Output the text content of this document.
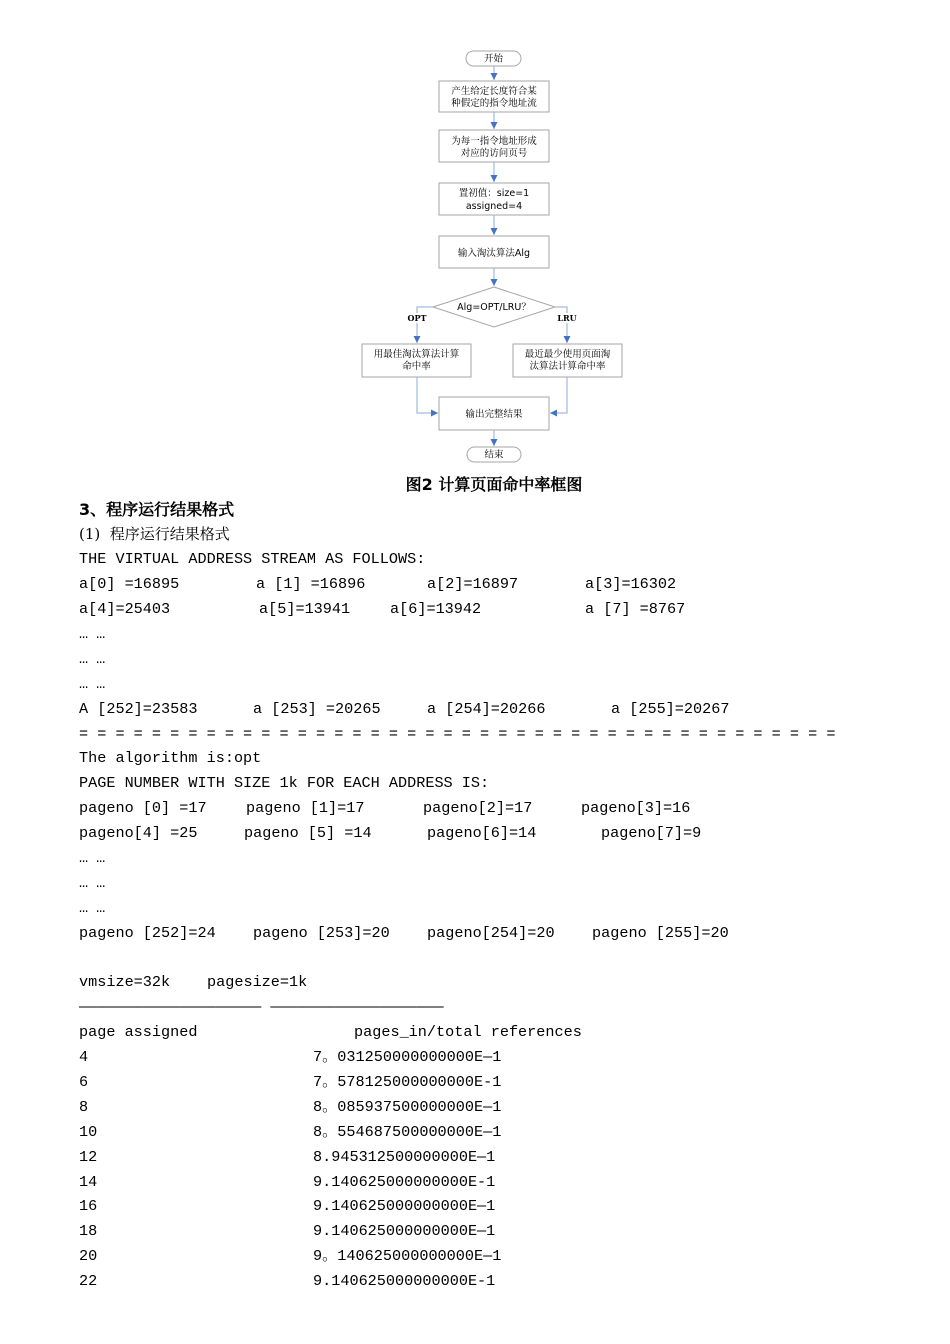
开始
产生给定长度符合某
种假定的指令地址流
为每一指令地址形成
对应的访问页号
置初值：size=1
assigned=4
输入淘汰算法Alg
Alg=OPT/LRU？
OPT	LRU
用最佳淘汰算法计算
命中率
最近最少使用页面淘
汰算法计算命中率
输出完整结果
结束
图2 计算页面命中率框图
3、程序运行结果格式
(1)  程序运行结果格式
THE VIRTUAL ADDRESS STREAM AS FOLLOWS:

a[0] =16895

	a [1] =16896

	a[2]=16897

	a[3]=16302

a[4]=25403

	a[5]=13941

	a[6]=13942

	a [7] =8767

……
……
……

A [252]=23583

	a [253] =20265

	a [254]=20266

	a [255]=20267

= = = = = = = = = = = = = = = = = = = = = = = = = = = = = = = = = = = = = = = = = =
The algorithm is:opt
PAGE NUMBER WITH SIZE 1k FOR EACH ADDRESS IS:

pageno [0] =17

	pageno [1]=17

	pageno[2]=17

	pageno[3]=16

pageno[4] =25

	pageno [5] =14

	pageno[6]=14

	pageno[7]=9

……
……
……

pageno [252]=24

pageno [253]=20

pageno[254]=20

pageno [255]=20

vmsize=32k

pagesize=1k

———————————————————— ———————————————————

page assigned

	pages_in/total references

4

	7。031250000000000E—1

6

	7。578125000000000E-1

8

	8。085937500000000E—1

10

	8。554687500000000E—1

12

	8.945312500000000E—1

14

	9.140625000000000E-1

16

	9.140625000000000E—1

18

	9.140625000000000E—1

20

	9。140625000000000E—1

22

	9.140625000000000E-1
